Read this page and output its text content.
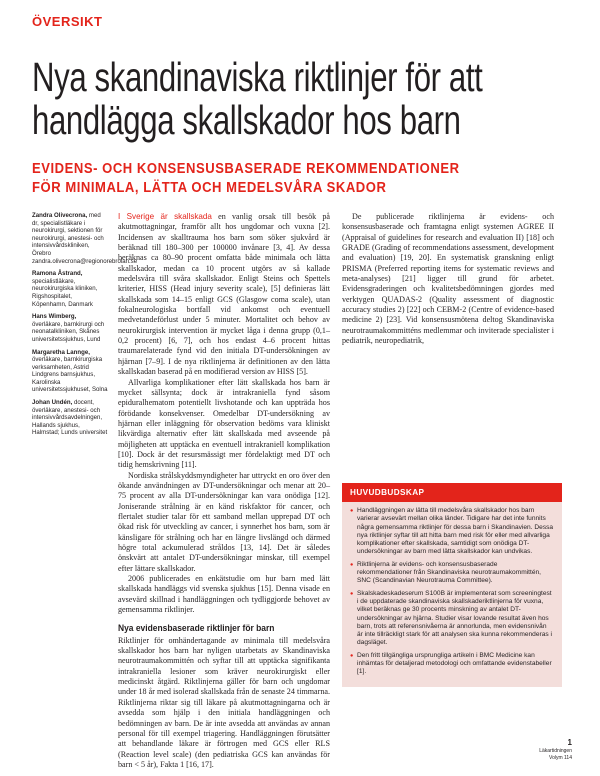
ÖVERSIKT
Nya skandinaviska riktlinjer för att
handlägga skallskador hos barn
EVIDENS- OCH KONSENSUSBASERADE REKOMMENDATIONER
FÖR MINIMALA, LÄTTA OCH MEDELSVÅRA SKADOR
Zandra Olivecrona, med dr, specialistläkare i neurokirurgi, sektionen för neurokirurgi, anestesi- och intensivvårdskliniken, Örebro
zandra.olivecrona@regionorebrolan.se
Ramona Åstrand, specialistläkare, neurokirurgiska kliniken, Rigshospitalet, Köpenhamn, Danmark
Hans Wimberg, överläkare, barnkirurgi och neonatalkliniken, Skånes universitetssjukhus, Lund
Margaretha Lannge, överläkare, barnkirurgiska verksamheten, Astrid Lindgrens barnsjukhus, Karolinska universitetssjukhuset, Solna
Johan Undén, docent, överläkare, anestesi- och intensivvårdsavdelningen, Hallands sjukhus, Halmstad; Lunds universitet

I Sverige är skallskada en vanlig orsak till besök på akutmottagningar, framför allt hos ungdomar och vuxna [2]. Incidensen av skalltrauma hos barn som söker sjukvård är beräknad till 180–300 per 100000 invånare [3, 4]. Av dessa beräknas ca 80–90 procent omfatta både minimala och lätta skallskador, medan ca 10 procent utgörs av så kallade medelsvåra till svåra skallskador. Enligt Steins och Spettels kriterier, HISS (Head injury severity scale), [5] definieras lätt skallskada som 14–15 enligt GCS (Glasgow coma scale), utan fokalneurologiska bortfall vid ankomst och eventuell medvetandeförlust under 5 minuter. Mortalitet och behov av neurokirurgisk intervention är mycket låga i denna grupp (0,1–0,2 procent) [6, 7], och hos endast 4–6 procent hittas traumarelaterade fynd vid den initiala DT-undersökningen av hjärnan [7–9]. I de nya riktlinjerna är definitionen av den lätta skallskadan baserad på en modifierad version av HISS [5].

Allvarliga komplikationer efter lätt skallskada hos barn är mycket sällsynta; dock är intrakraniella fynd såsom epiduralhematom potentiellt livshotande och kan uppträda hos förödande konsekvenser. Omedelbar DT-undersökning av hjärnan eller inläggning för observation bedöms vara kliniskt likvärdiga alternativ efter lätt skallskada med avseende på möjligheten att upptäcka en eventuell intrakraniell komplikation [10]. Dock är det resursmässigt mer fördelaktigt med DT och tidig hemskrivning [11].

Nordiska strålskyddsmyndigheter har uttryckt en oro över den ökande användningen av DT-undersökningar och menar att 20–75 procent av alla DT-undersökningar kan vara onödiga [12]. Joniserande strålning är en känd riskfaktor för cancer, och flertalet studier talar för ett samband mellan upprepad DT och ökad risk för utveckling av cancer, i synnerhet hos barn, som är känsligare för strålning och har en längre livslängd och därmed högre total ackumulerad stråldos [13, 14]. Det är således önskvärt att antalet DT-undersökningar minskar, till exempel efter lättare skallskador.

2006 publicerades en enkätstudie om hur barn med lätt skallskada handläggs vid svenska sjukhus [15]. Denna visade en avsevärd skillnad i handläggningen och tydliggjorde behovet av gemensamma riktlinjer.

Nya evidensbaserade riktlinjer för barn

Riktlinjer för omhändertagande av minimala till medelsvåra skallskador hos barn har nyligen utarbetats av Skandinaviska neurotraumakommittén och syftar till att upptäcka signifikanta intrakraniella lesioner som kräver neurokirurgiskt eller medicinskt åtgärd. Riktlinjerna gäller för barn och ungdomar under 18 år med isolerad skallskada från de senaste 24 timmarna. Riktlinjerna riktar sig till läkare på akutmottagningarna och är avsedda som hjälp i den initiala handläggningen och bedömningen av barn. De är inte avsedda att användas av annan personal för till exempel triagering. Handläggningen förutsätter att behandlande läkare är förtrogen med GCS eller RLS (Reaction level scale) (den pediatriska GCS kan användas för barn < 5 år), Fakta 1 [16, 17].

De publicerade riktlinjerna är evidens- och konsensusbaserade och framtagna enligt systemen AGREE II (Appraisal of guidelines for research and evaluation II) [18] och GRADE (Grading of recommendations assessment, development and evaluation) [19, 20]. En systematisk granskning enligt PRISMA (Preferred reporting items for systematic reviews and meta-analyses) [21] ligger till grund för arbetet. Evidensgraderingen och kvalitetsbedömningen gjordes med verktygen QUADAS-2 (Quality assessment of diagnostic accuracy studies 2) [22] och CEBM-2 (Centre of evidence-based medicine 2) [23]. Vid konsensusmötena deltog Skandinaviska neurotraumakommitténs medlemmar och inviterade specialister i pediatrik, neuropediatrik,

HUVUDBUDSKAP
● Handläggningen av lätta till medelsvåra skallskador hos barn varierar avsevärt mellan olika länder. Tidigare har det inte funnits några gemensamma riktlinjer för dessa barn i Skandinavien. Dessa nya riktlinjer syftar till att hitta barn med risk för eller med allvarliga komplikationer efter skallskada, samtidigt som onödiga DT-undersökningar av barn med lätta skallskador kan undvikas.
● Riktlinjerna är evidens- och konsensusbaserade rekommendationer från Skandinaviska neurotraumakommittén, SNC (Scandinavian Neurotrauma Committee).
● Skalskadeskadeserum S100B är implementerat som screeningtest i de uppdaterade skandinaviska skallskaderiktlinjerna för vuxna, vilket beräknas ge 30 procents minskning av antalet DT-undersökningar av hjärna. Studier visar lovande resultat även hos barn, trots att referensnivåerna är annorlunda, men evidensnivån är inte tillräckligt stark för att analysen ska kunna rekommenderas i dagsläget.
● Den fritt tillgängliga ursprungliga artikeln i BMC Medicine kan inhämtas för detaljerad metodologi och omfattande evidenstabeller [1].
1
Läkartidningen
Volym 114
